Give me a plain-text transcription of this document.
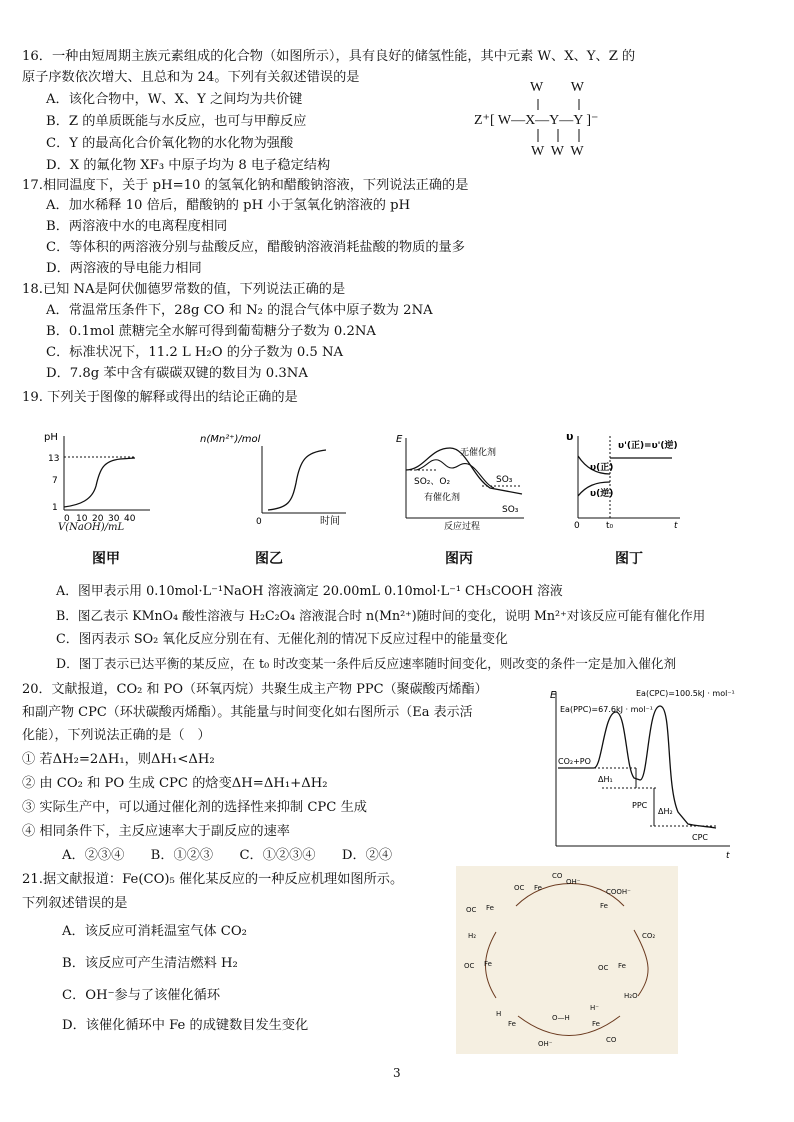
16．一种由短周期主族元素组成的化合物（如图所示），具有良好的储氢性能，其中元素 W、X、Y、Z 的
原子序数依次增大、且总和为 24。下列有关叙述错误的是
A．该化合物中，W、X、Y 之间均为共价键
B．Z 的单质既能与水反应，也可与甲醇反应
C．Y 的最高化合价氧化物的水化物为强酸
D．X 的氟化物 XF₃ 中原子均为 8 电子稳定结构
W      W
Z⁺[ W—X—Y—Y ]⁻
W  W  W
17.相同温度下，关于 pH=10 的氢氧化钠和醋酸钠溶液，下列说法正确的是
A．加水稀释 10 倍后，醋酸钠的 pH 小于氢氧化钠溶液的 pH
B．两溶液中水的电离程度相同
C．等体积的两溶液分别与盐酸反应，醋酸钠溶液消耗盐酸的物质的量多
D．两溶液的导电能力相同
18.已知 NA是阿伏伽德罗常数的值，下列说法正确的是
A．常温常压条件下，28g CO 和 N₂ 的混合气体中原子数为 2NA
B．0.1mol 蔗糖完全水解可得到葡萄糖分子数为 0.2NA
C．标准状况下，11.2 L H₂O 的分子数为 0.5 NA
D．7.8g 苯中含有碳碳双键的数目为 0.3NA
19. 下列关于图像的解释或得出的结论正确的是
pH
13
7
1
0 10 20 30 40
V(NaOH)/mL
n(Mn²⁺)/mol
0	时间
E
无催化剂
SO₂、O₂
有催化剂
SO₃
SO₃
反应过程
υ
υ'(正)=υ'(逆)
υ(正)
υ(逆)
0	t₀	t
图甲	图乙	图丙	图丁
A．图甲表示用 0.10mol·L⁻¹NaOH 溶液滴定 20.00mL 0.10mol·L⁻¹ CH₃COOH 溶液
B．图乙表示 KMnO₄ 酸性溶液与 H₂C₂O₄ 溶液混合时 n(Mn²⁺)随时间的变化，说明 Mn²⁺对该反应可能有催化作用
C．图丙表示 SO₂ 氧化反应分别在有、无催化剂的情况下反应过程中的能量变化
D．图丁表示已达平衡的某反应，在 t₀ 时改变某一条件后反应速率随时间变化，则改变的条件一定是加入催化剂
20．文献报道，CO₂ 和 PO（环氧丙烷）共聚生成主产物 PPC（聚碳酸丙烯酯）
和副产物 CPC（环状碳酸丙烯酯）。其能量与时间变化如右图所示（Ea 表示活
化能），下列说法正确的是（　）
① 若ΔH₂=2ΔH₁，则ΔH₁<ΔH₂
② 由 CO₂ 和 PO 生成 CPC 的焓变ΔH=ΔH₁+ΔH₂
③ 实际生产中，可以通过催化剂的选择性来抑制 CPC 生成
④ 相同条件下，主反应速率大于副反应的速率
A．②③④　　B．①②③　　C．①②③④　　D．②④
E
t
Ea(CPC)=100.5kJ · mol⁻¹
Ea(PPC)=67.6kJ · mol⁻¹
CO₂+PO
ΔH₁
PPC
ΔH₂
CPC
21.据文献报道：Fe(CO)₅ 催化某反应的一种反应机理如图所示。
下列叙述错误的是
A．该反应可消耗温室气体 CO₂
B．该反应可产生清洁燃料 H₂
C．OH⁻参与了该催化循环
D．该催化循环中 Fe 的成键数目发生变化
Fe
CO
OC
OH⁻
COOH⁻
Fe
Fe
OC
H₂	CO₂
Fe
OC	Fe
OC
H₂O
Fe
H	O—H
Fe
H⁻
OH⁻	CO
3
